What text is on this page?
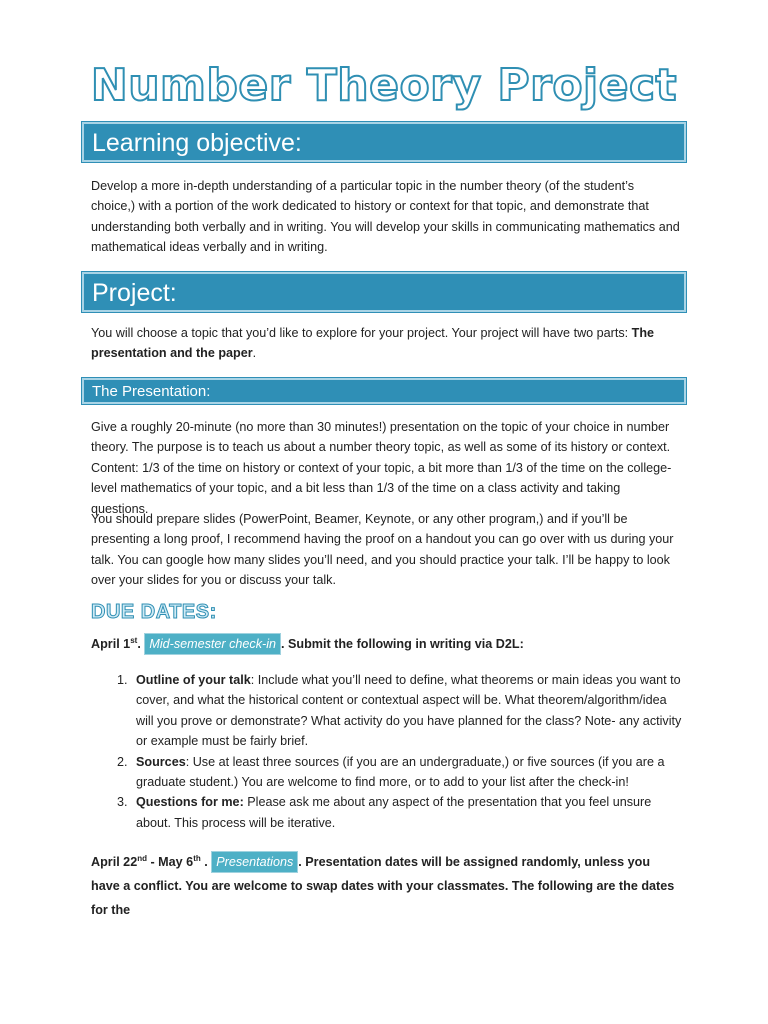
Number Theory Project
Learning objective:
Develop a more in-depth understanding of a particular topic in the number theory (of the student’s choice,) with a portion of the work dedicated to history or context for that topic, and demonstrate that understanding both verbally and in writing. You will develop your skills in communicating mathematics and mathematical ideas verbally and in writing.
Project:
You will choose a topic that you’d like to explore for your project. Your project will have two parts: The presentation and the paper.
The Presentation:
Give a roughly 20-minute (no more than 30 minutes!) presentation on the topic of your choice in number theory. The purpose is to teach us about a number theory topic, as well as some of its history or context. Content: 1/3 of the time on history or context of your topic, a bit more than 1/3 of the time on the college-level mathematics of your topic, and a bit less than 1/3 of the time on a class activity and taking questions.
You should prepare slides (PowerPoint, Beamer, Keynote, or any other program,) and if you’ll be presenting a long proof, I recommend having the proof on a handout you can go over with us during your talk. You can google how many slides you’ll need, and you should practice your talk. I’ll be happy to look over your slides for you or discuss your talk.
DUE DATES:
April 1st. Mid-semester check-in . Submit the following in writing via D2L:
1. Outline of your talk: Include what you’ll need to define, what theorems or main ideas you want to cover, and what the historical content or contextual aspect will be. What theorem/algorithm/idea will you prove or demonstrate? What activity do you have planned for the class? Note- any activity or example must be fairly brief.
2. Sources: Use at least three sources (if you are an undergraduate,) or five sources (if you are a graduate student.) You are welcome to find more, or to add to your list after the check-in!
3. Questions for me: Please ask me about any aspect of the presentation that you feel unsure about. This process will be iterative.
April 22nd - May 6th . Presentations . Presentation dates will be assigned randomly, unless you have a conflict. You are welcome to swap dates with your classmates. The following are the dates for the
